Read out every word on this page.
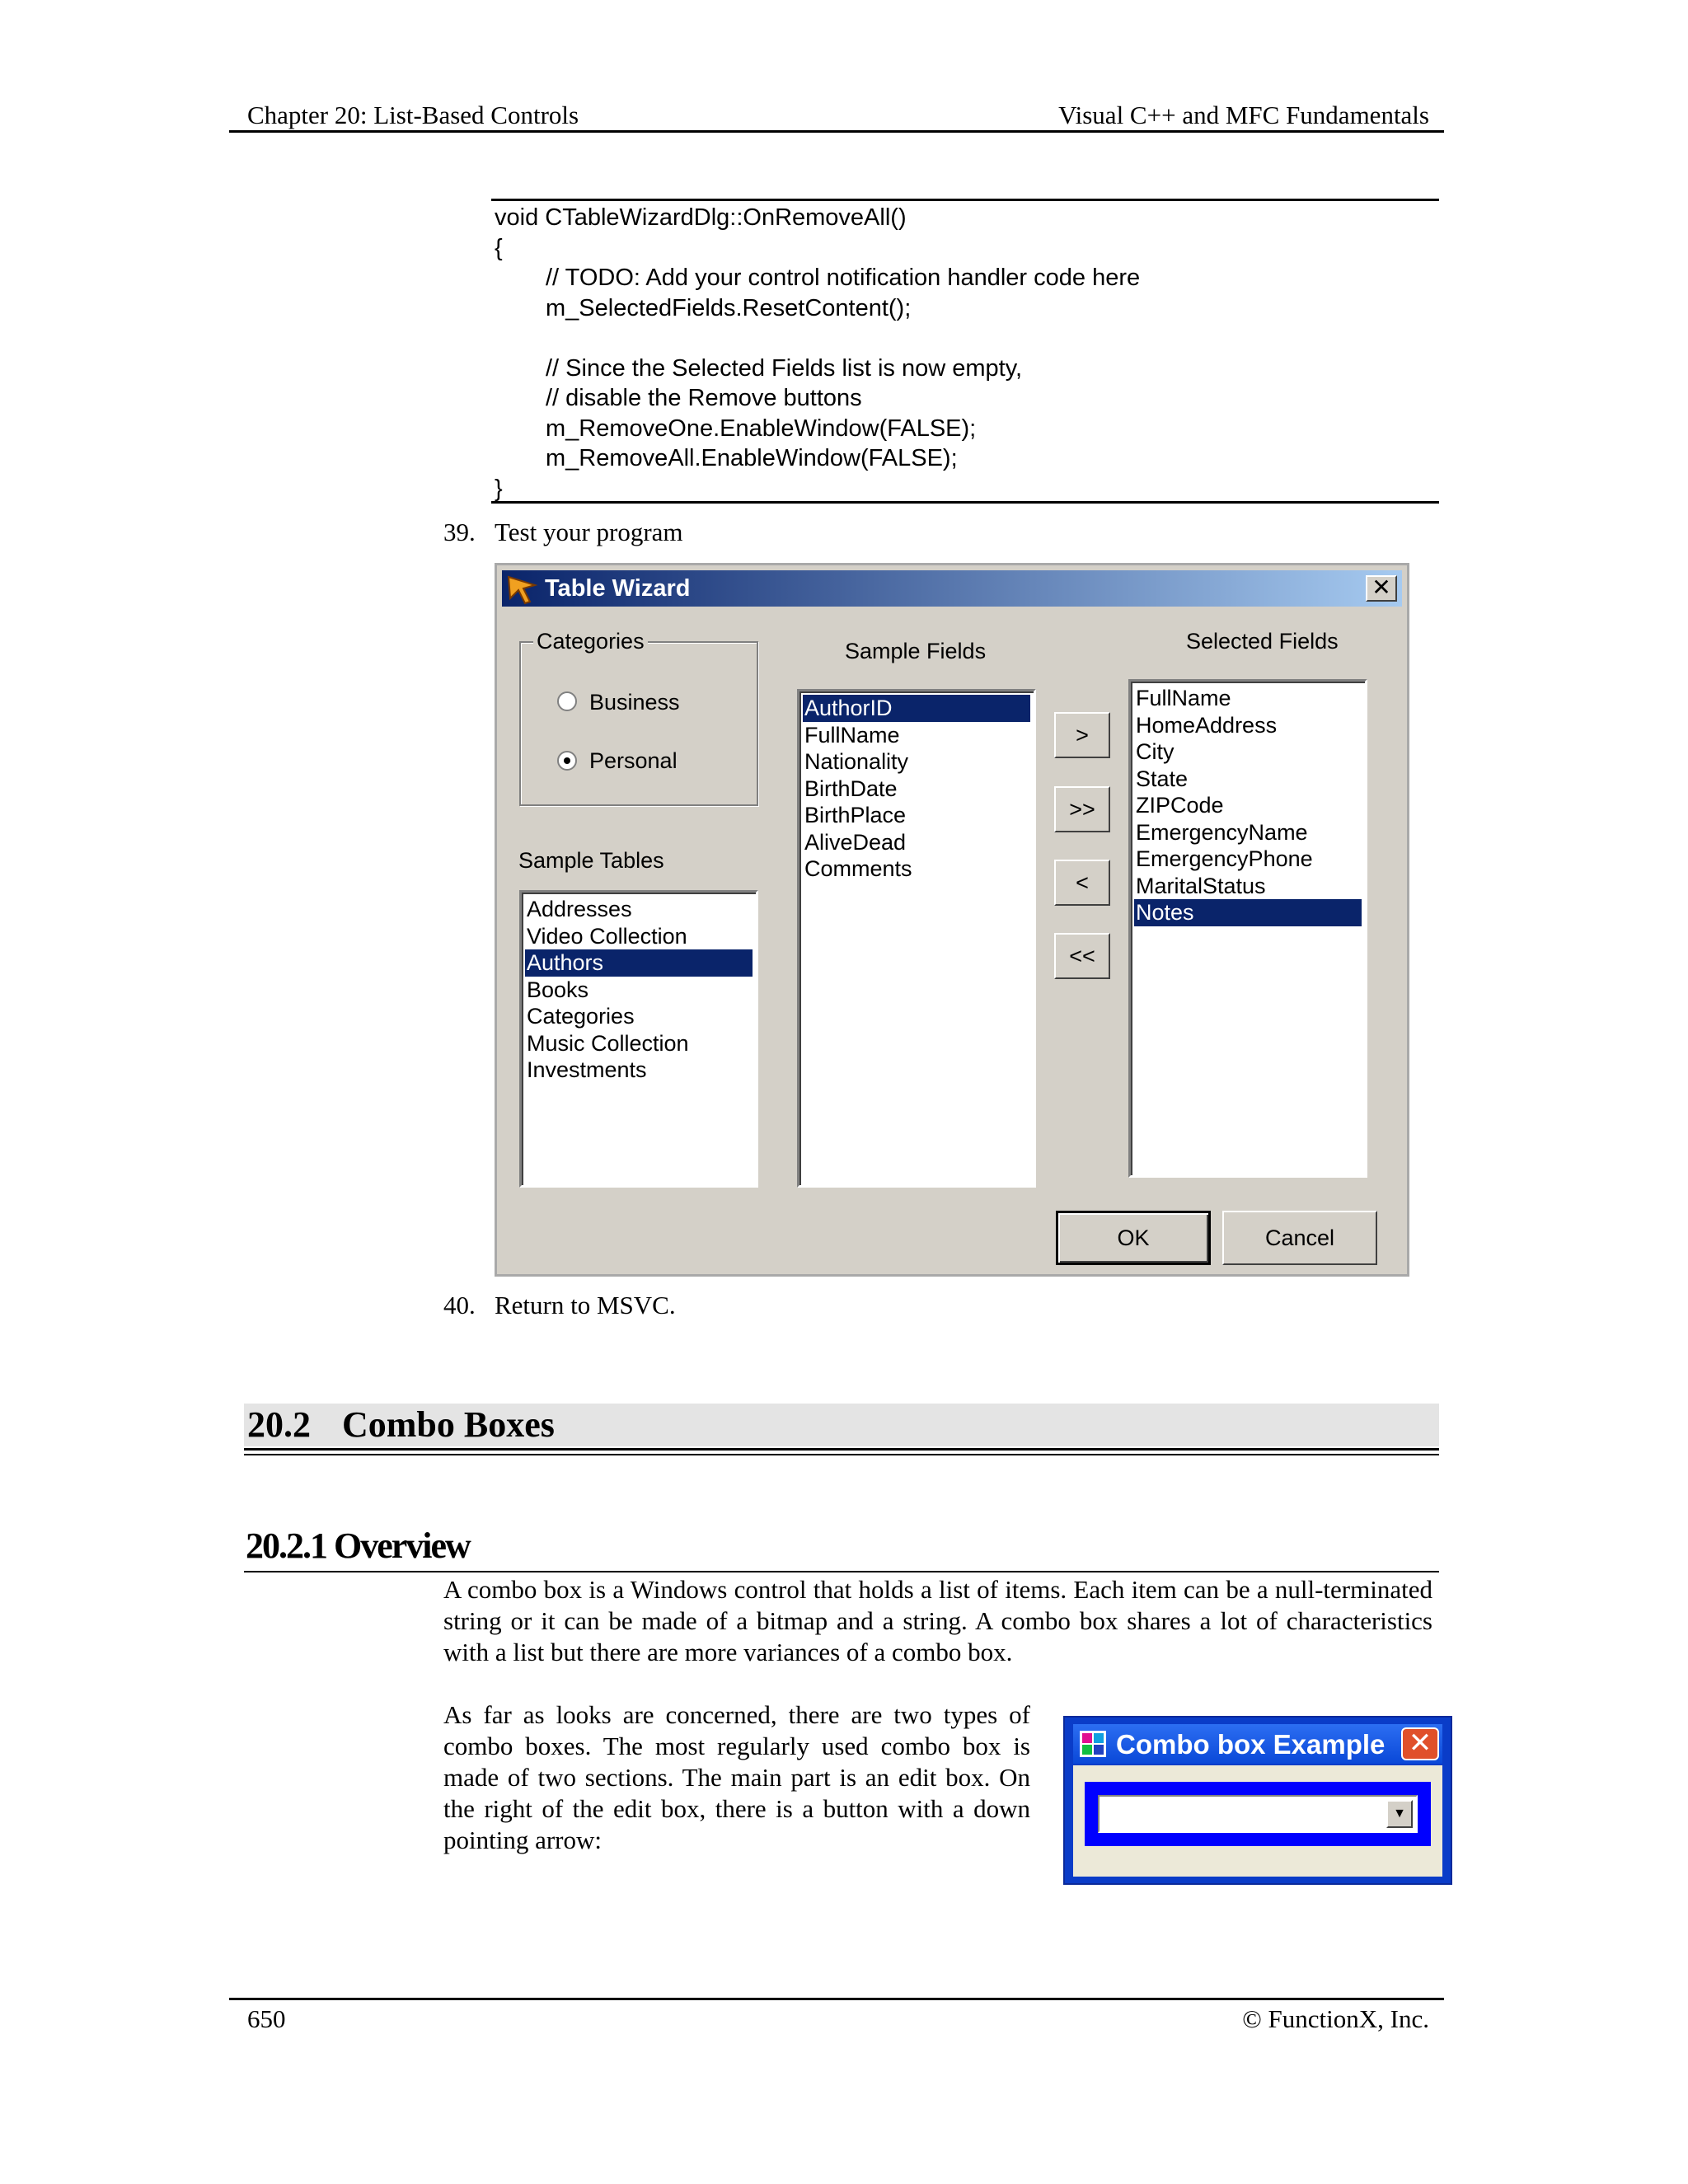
Chapter 20: List-Based Controls	Visual C++ and MFC Fundamentals
void CTableWizardDlg::OnRemoveAll()
{
// TODO: Add your control notification handler code here
m_SelectedFields.ResetContent();
// Since the Selected Fields list is now empty,
// disable the Remove buttons
m_RemoveOne.EnableWindow(FALSE);
m_RemoveAll.EnableWindow(FALSE);
}
39. Test your program
Table Wizard	✕
Categories
Business
Personal
Sample Tables
Addresses
Video Collection
Authors
Books
Categories
Music Collection
Investments
Sample Fields
AuthorID
FullName
Nationality
BirthDate
BirthPlace
AliveDead
Comments
>
>>
<
<<
Selected Fields
FullName
HomeAddress
City
State
ZIPCode
EmergencyName
EmergencyPhone
MaritalStatus
Notes
OK	Cancel
40. Return to MSVC.
20.2 Combo Boxes
20.2.1 Overview
A combo box is a Windows control that holds a list of items. Each item can be a null-terminated string or it can be made of a bitmap and a string. A combo box shares a lot of characteristics with a list but there are more variances of a combo box.
As far as looks are concerned, there are two types of combo boxes. The most regularly used combo box is made of two sections. The main part is an edit box. On the right of the edit box, there is a button with a down pointing arrow:
Combo box Example ✕
▼
650	© FunctionX, Inc.
